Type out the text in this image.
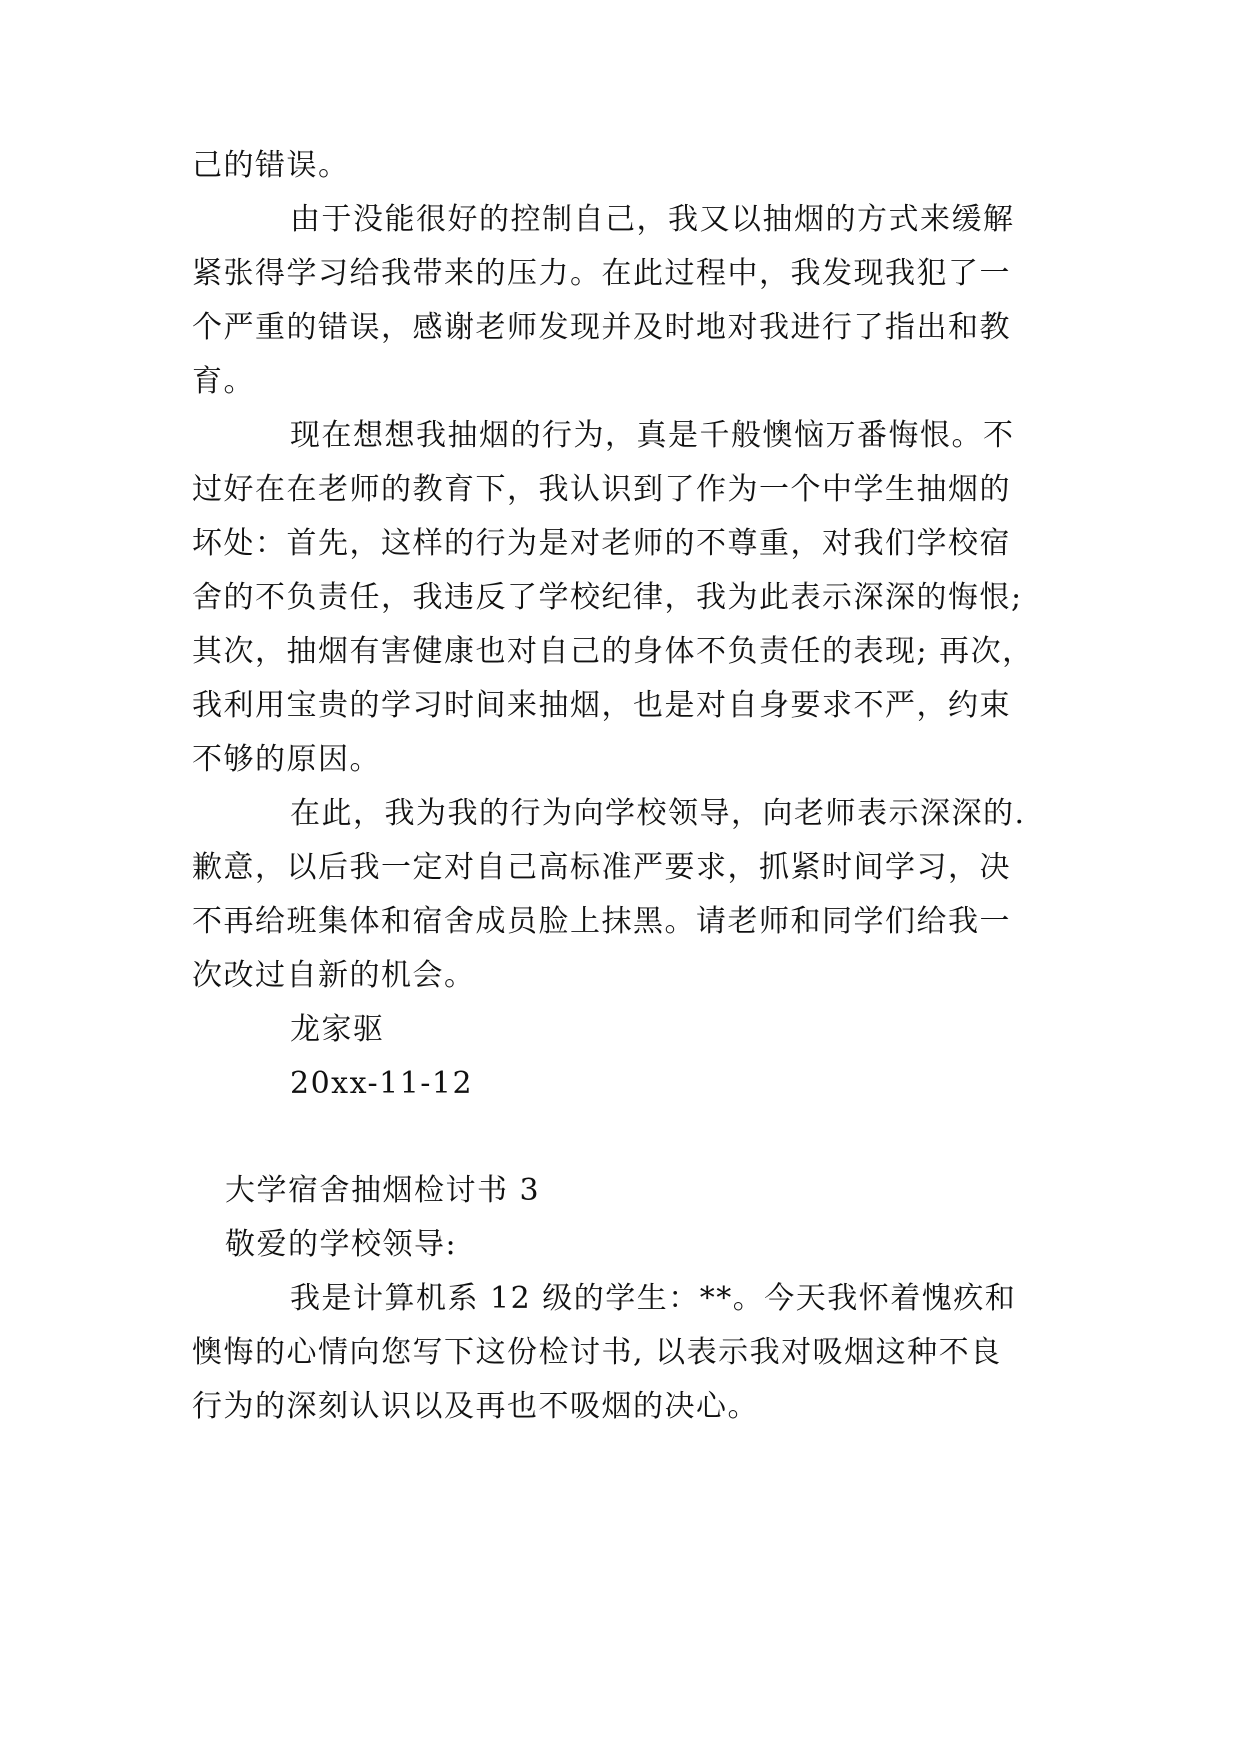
己的错误。
由于没能很好的控制自己，我又以抽烟的方式来缓解
紧张得学习给我带来的压力。在此过程中，我发现我犯了一
个严重的错误，感谢老师发现并及时地对我进行了指出和教
育。
现在想想我抽烟的行为，真是千般懊恼万番悔恨。不
过好在在老师的教育下，我认识到了作为一个中学生抽烟的
坏处：首先，这样的行为是对老师的不尊重，对我们学校宿
舍的不负责任，我违反了学校纪律，我为此表示深深的悔恨;
其次，抽烟有害健康也对自己的身体不负责任的表现; 再次，
我利用宝贵的学习时间来抽烟，也是对自身要求不严，约束
不够的原因。
在此，我为我的行为向学校领导，向老师表示深深的.
歉意，以后我一定对自己高标准严要求，抓紧时间学习，决
不再给班集体和宿舍成员脸上抹黑。请老师和同学们给我一
次改过自新的机会。
龙家驱
20xx-11-12
大学宿舍抽烟检讨书 3
敬爱的学校领导:
我是计算机系 12 级的学生：**。今天我怀着愧疚和
懊悔的心情向您写下这份检讨书, 以表示我对吸烟这种不良
行为的深刻认识以及再也不吸烟的决心。
